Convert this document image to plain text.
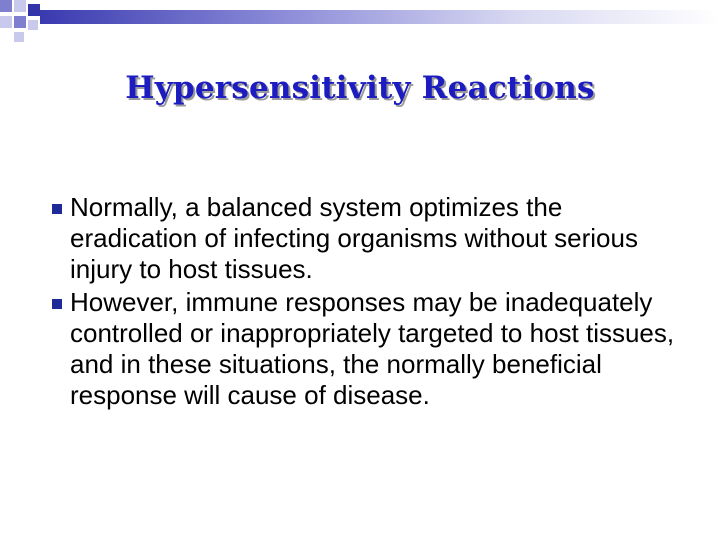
Hypersensitivity Reactions
Normally, a balanced system optimizes the eradication of infecting organisms without serious injury to host tissues.
However, immune responses may be inadequately controlled or inappropriately targeted to host tissues, and in these situations, the normally beneficial response will cause of disease.
